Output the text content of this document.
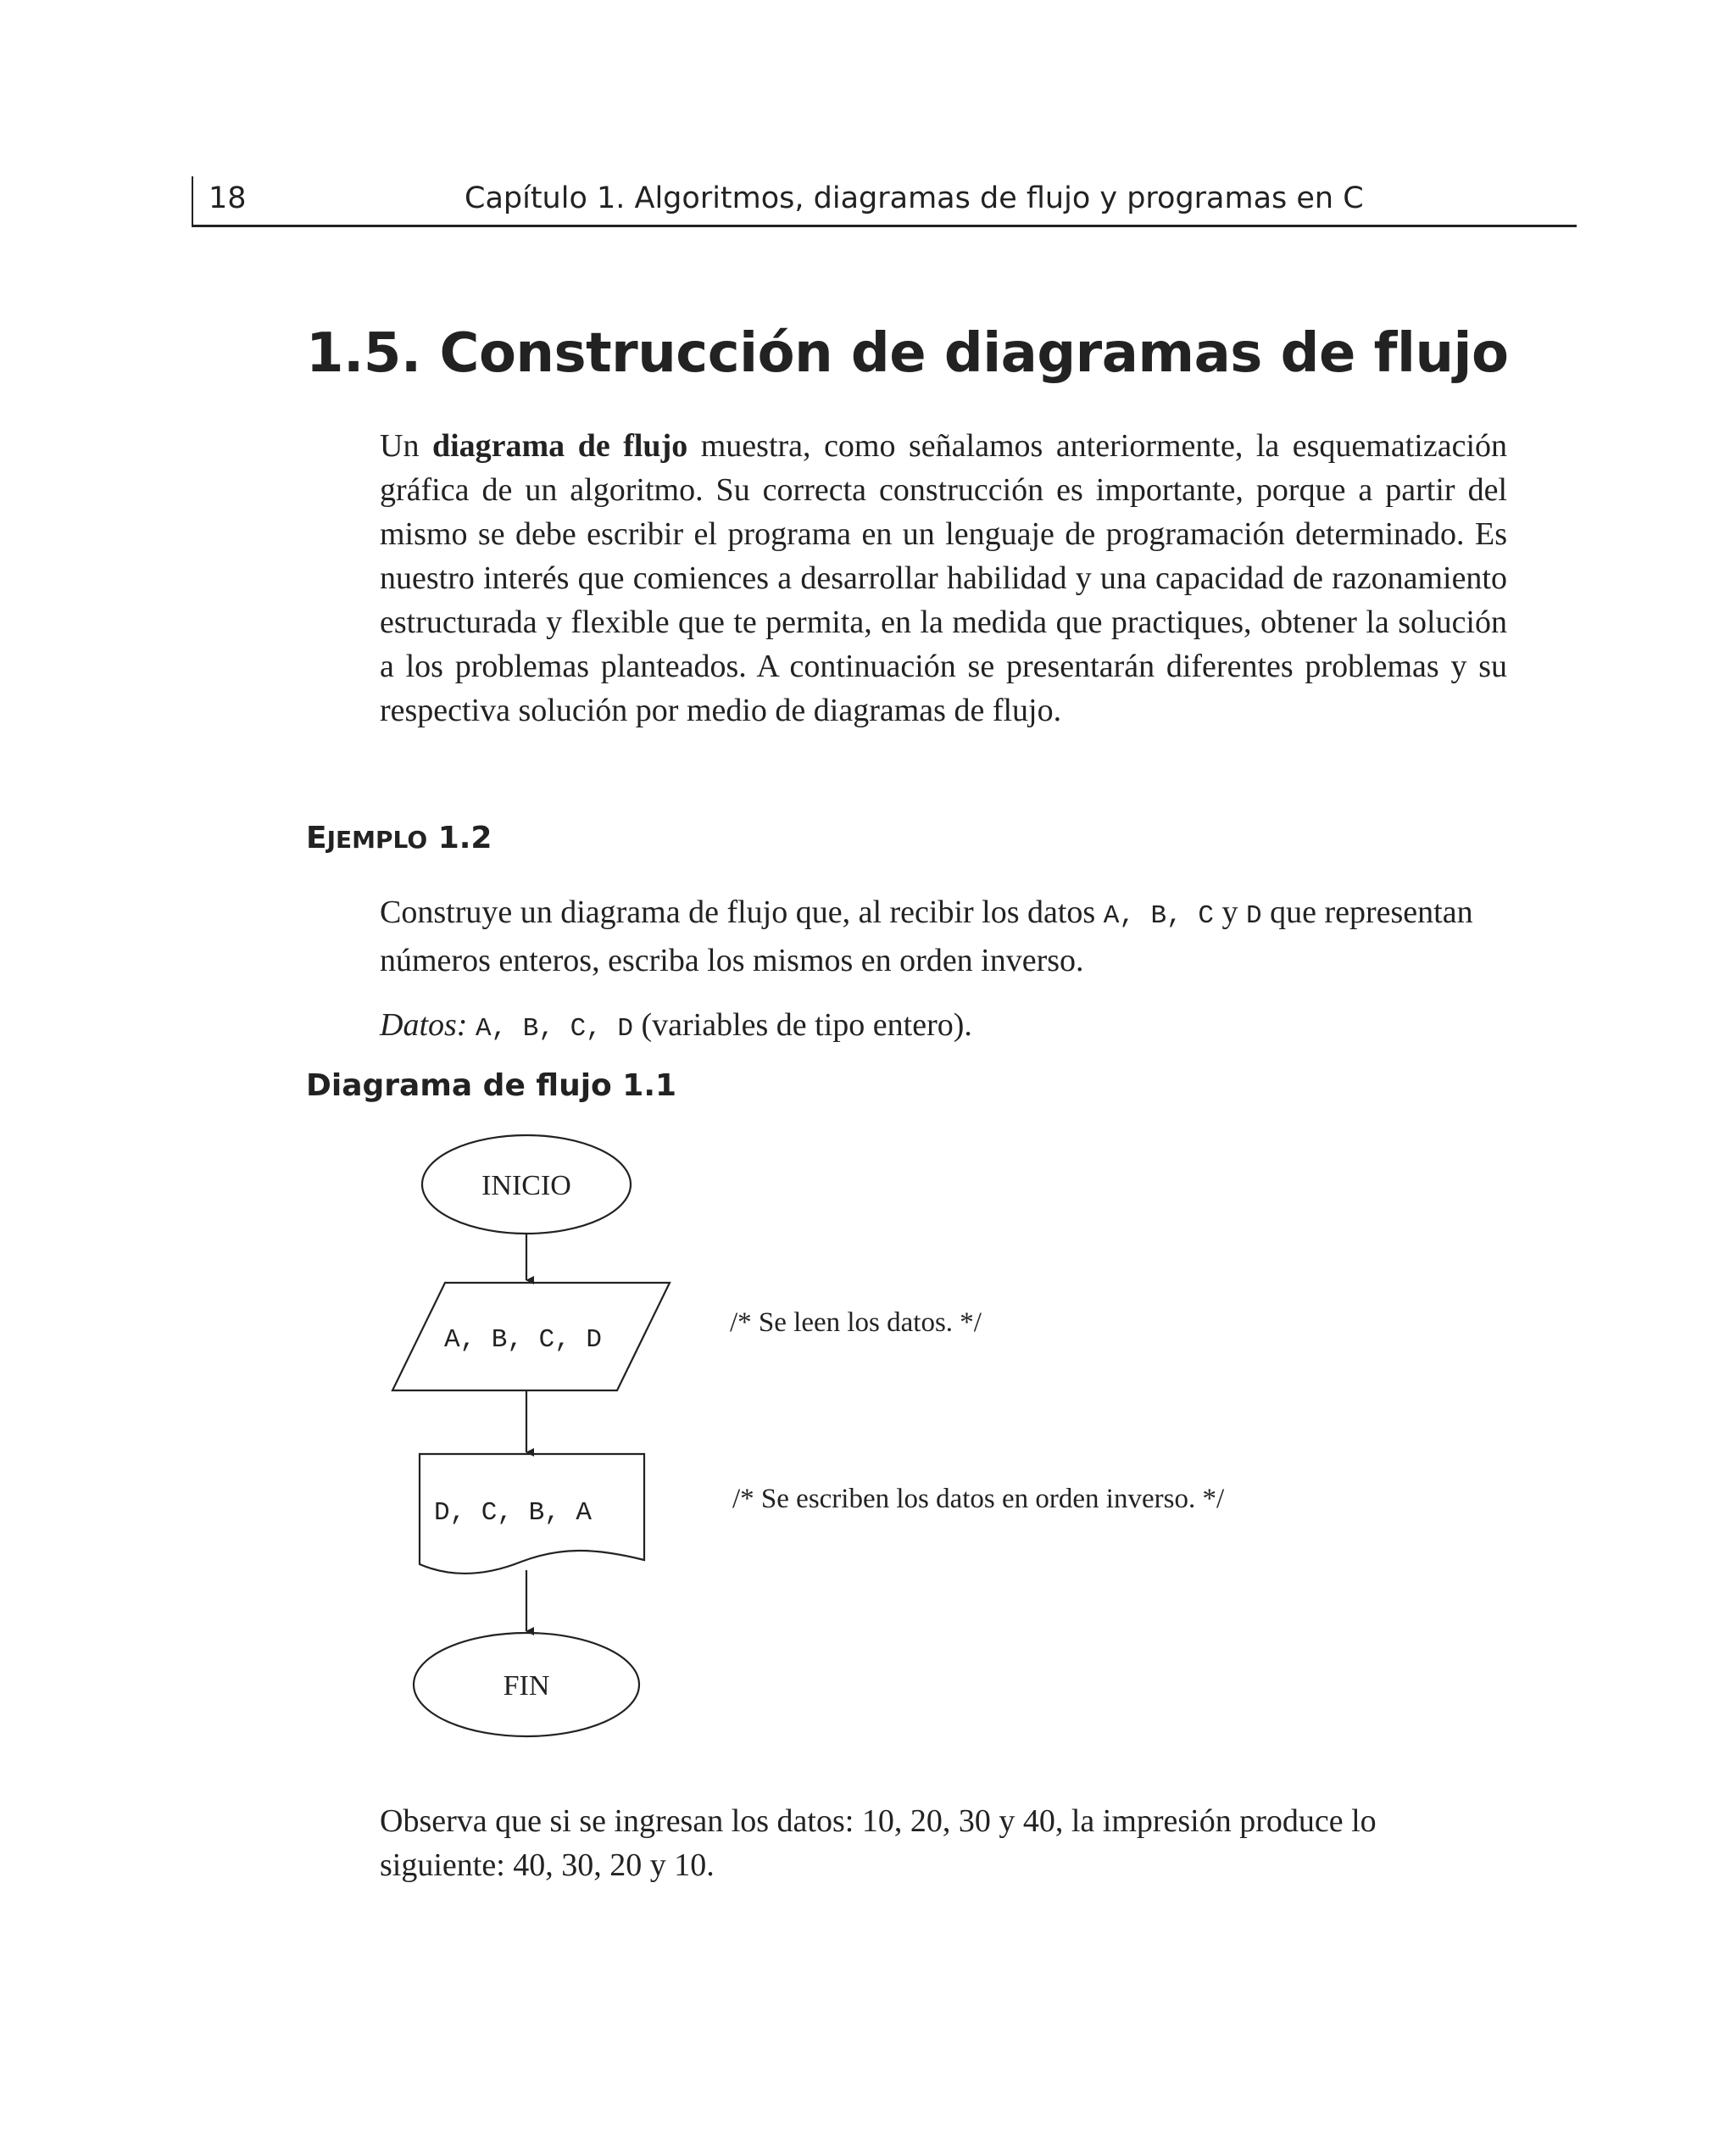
18	Capítulo 1. Algoritmos, diagramas de flujo y programas en C
1.5. Construcción de diagramas de flujo
Un diagrama de flujo muestra, como señalamos anteriormente, la esquematización gráfica de un algoritmo. Su correcta construcción es importante, porque a partir del mismo se debe escribir el programa en un lenguaje de programación determinado. Es nuestro interés que comiences a desarrollar habilidad y una capacidad de razonamiento estructurada y flexible que te permita, en la medida que practiques, obtener la solución a los problemas planteados. A continuación se presentarán diferentes problemas y su respectiva solución por medio de diagramas de flujo.
EJEMPLO 1.2
Construye un diagrama de flujo que, al recibir los datos A, B, C y D que representan números enteros, escriba los mismos en orden inverso.
Datos: A, B, C, D (variables de tipo entero).
Diagrama de flujo 1.1
INICIO
A, B, C, D
/* Se leen los datos. */
D, C, B, A	/* Se escriben los datos en orden inverso. */
FIN
Observa que si se ingresan los datos: 10, 20, 30 y 40, la impresión produce lo siguiente: 40, 30, 20 y 10.
